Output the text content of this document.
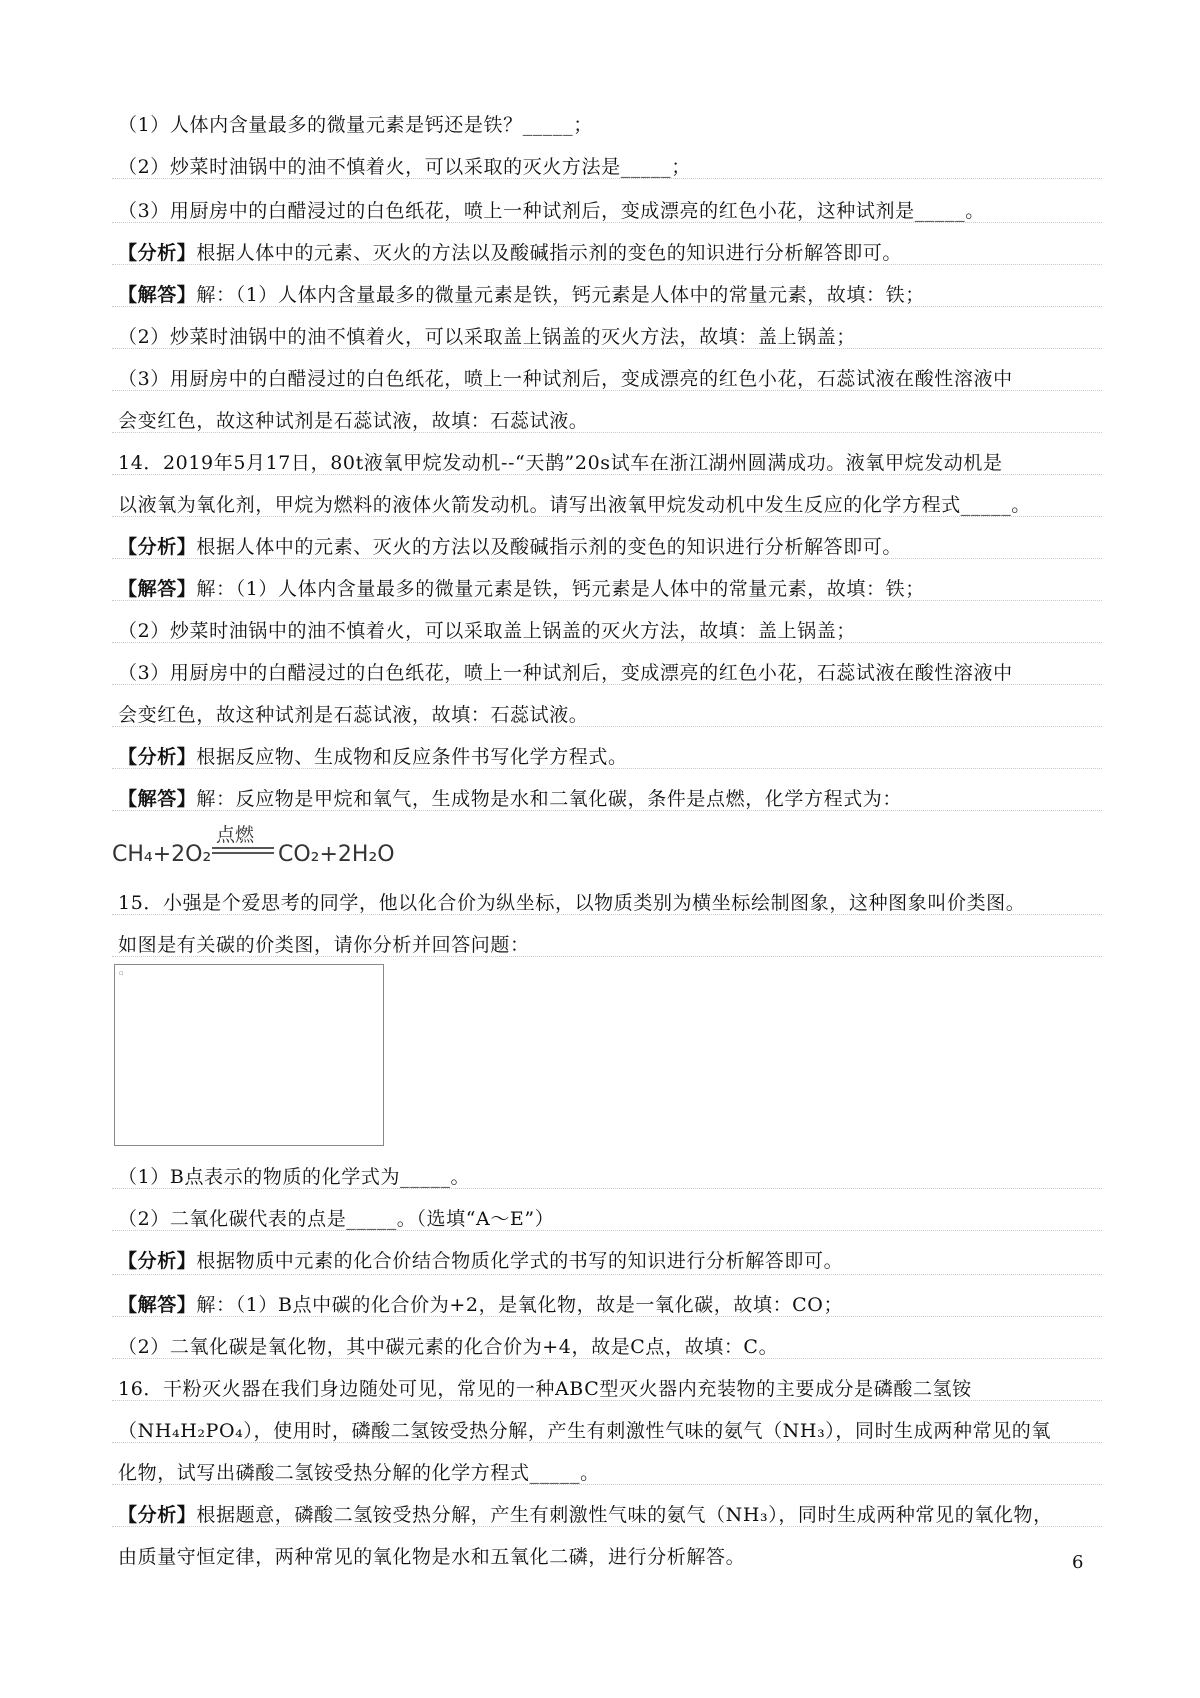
（1）人体内含量最多的微量元素是钙还是铁？_____；
（2）炒菜时油锅中的油不慎着火，可以采取的灭火方法是_____；
（3）用厨房中的白醋浸过的白色纸花，喷上一种试剂后，变成漂亮的红色小花，这种试剂是_____。
【分析】根据人体中的元素、灭火的方法以及酸碱指示剂的变色的知识进行分析解答即可。
【解答】解：（1）人体内含量最多的微量元素是铁，钙元素是人体中的常量元素，故填：铁；
（2）炒菜时油锅中的油不慎着火，可以采取盖上锅盖的灭火方法，故填：盖上锅盖；
（3）用厨房中的白醋浸过的白色纸花，喷上一种试剂后，变成漂亮的红色小花，石蕊试液在酸性溶液中
会变红色，故这种试剂是石蕊试液，故填：石蕊试液。
14．2019年5月17日，80t液氧甲烷发动机--“天鹊”20s试车在浙江湖州圆满成功。液氧甲烷发动机是
以液氧为氧化剂，甲烷为燃料的液体火箭发动机。请写出液氧甲烷发动机中发生反应的化学方程式_____。
【分析】根据人体中的元素、灭火的方法以及酸碱指示剂的变色的知识进行分析解答即可。
【解答】解：（1）人体内含量最多的微量元素是铁，钙元素是人体中的常量元素，故填：铁；
（2）炒菜时油锅中的油不慎着火，可以采取盖上锅盖的灭火方法，故填：盖上锅盖；
（3）用厨房中的白醋浸过的白色纸花，喷上一种试剂后，变成漂亮的红色小花，石蕊试液在酸性溶液中
会变红色，故这种试剂是石蕊试液，故填：石蕊试液。
【分析】根据反应物、生成物和反应条件书写化学方程式。
【解答】解：反应物是甲烷和氧气，生成物是水和二氧化碳，条件是点燃，化学方程式为：
CH₄+2O₂
点燃
CO₂+2H₂O
15．小强是个爱思考的同学，他以化合价为纵坐标，以物质类别为横坐标绘制图象，这种图象叫价类图。
如图是有关碳的价类图，请你分析并回答问题：
▫
（1）B点表示的物质的化学式为_____。
（2）二氧化碳代表的点是_____。（选填“A～E”）
【分析】根据物质中元素的化合价结合物质化学式的书写的知识进行分析解答即可。
【解答】解：（1）B点中碳的化合价为+2，是氧化物，故是一氧化碳，故填：CO；
（2）二氧化碳是氧化物，其中碳元素的化合价为+4，故是C点，故填：C。
16．干粉灭火器在我们身边随处可见，常见的一种ABC型灭火器内充装物的主要成分是磷酸二氢铵
（NH₄H₂PO₄），使用时，磷酸二氢铵受热分解，产生有刺激性气味的氨气（NH₃），同时生成两种常见的氧
化物，试写出磷酸二氢铵受热分解的化学方程式_____。
【分析】根据题意，磷酸二氢铵受热分解，产生有刺激性气味的氨气（NH₃），同时生成两种常见的氧化物，
由质量守恒定律，两种常见的氧化物是水和五氧化二磷，进行分析解答。	6
